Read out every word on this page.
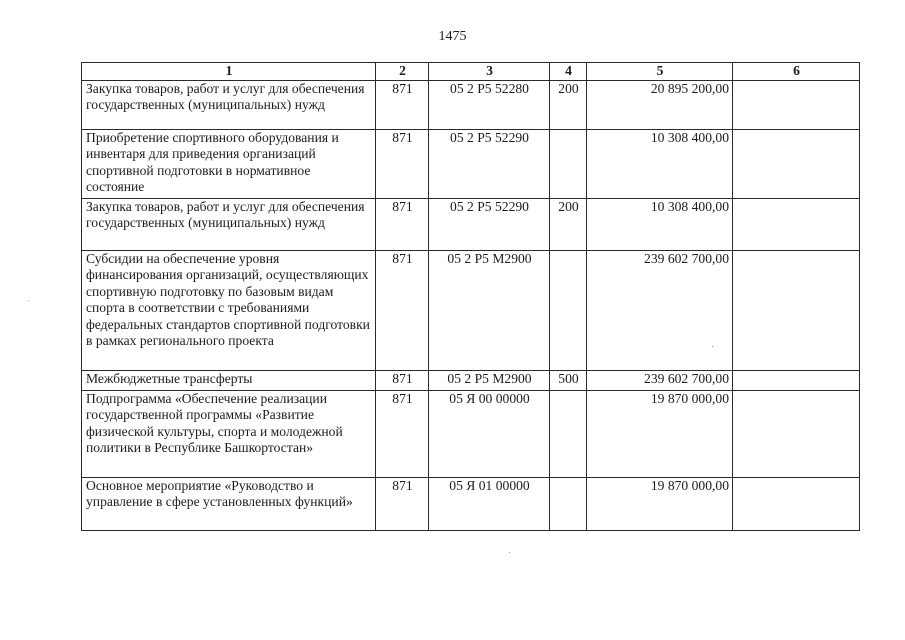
1475
1	2	3	4	5	6
Закупка товаров, работ и услуг для обеспечения государственных (муниципальных) нужд	871	05 2 Р5 52280	200	20 895 200,00	
Приобретение спортивного оборудования и инвентаря для приведения организаций спортивной подготовки в нормативное состояние	871	05 2 Р5 52290		10 308 400,00	
Закупка товаров, работ и услуг для обеспечения государственных (муниципальных) нужд	871	05 2 Р5 52290	200	10 308 400,00	
Субсидии на обеспечение уровня финансирования организаций, осуществляющих спортивную подготовку по базовым видам спорта в соответствии с требованиями федеральных стандартов спортивной подготовки в рамках регионального проекта	871	05 2 Р5 М2900		239 602 700,00	
Межбюджетные трансферты	871	05 2 Р5 М2900	500	239 602 700,00	
Подпрограмма «Обеспечение реализации государственной программы «Развитие физической культуры, спорта и молодежной политики в Республике Башкортостан»	871	05 Я 00 00000		19 870 000,00	
Основное мероприятие «Руководство и управление в сфере установленных функций»	871	05 Я 01 00000		19 870 000,00	
